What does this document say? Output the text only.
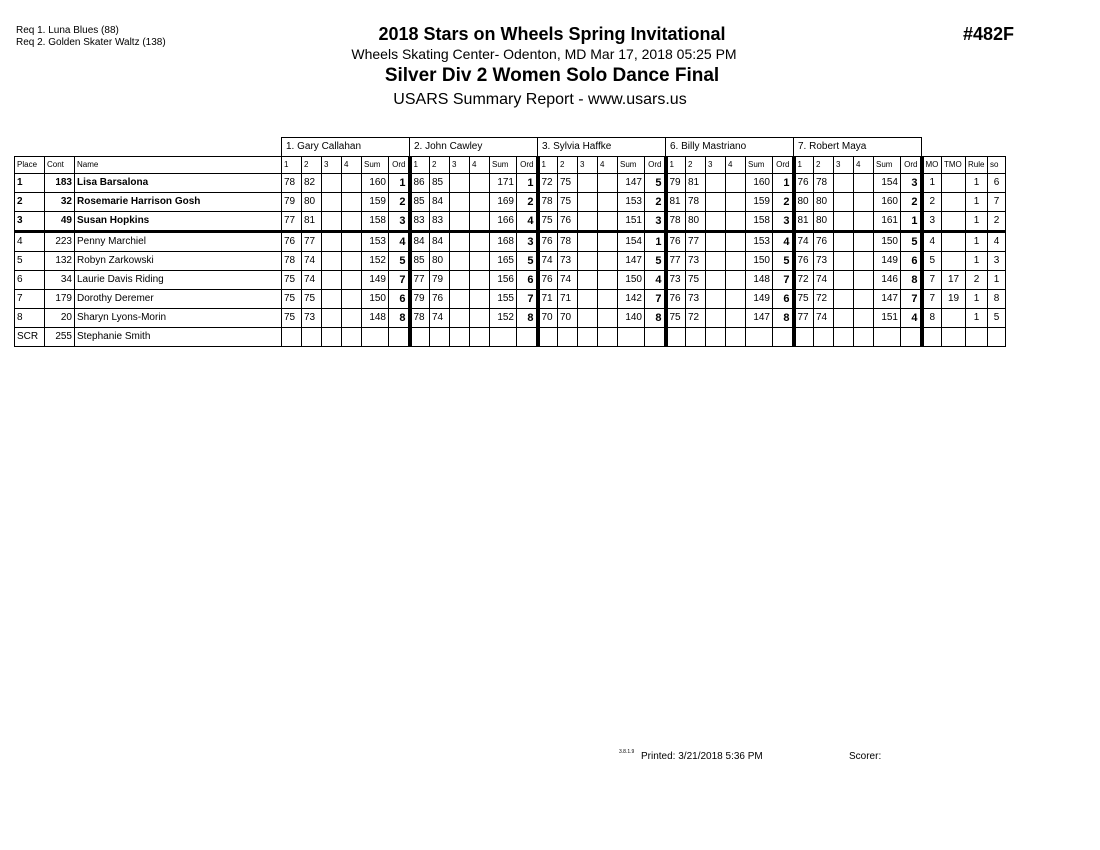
Req 1. Luna Blues (88)
Req 2. Golden Skater Waltz (138)	2018 Stars on Wheels Spring Invitational
Wheels Skating Center- Odenton, MD Mar 17, 2018 05:25 PM
Silver Div 2 Women Solo Dance Final
USARS Summary Report - www.usars.us
#482F
			1. Gary Callahan						2. John Cawley						3. Sylvia Haffke						6. Billy Mastriano						7. Robert Maya									
Place	Cont	Name	1	2	3	4	Sum	Ord	1	2	3	4	Sum	Ord	1	2	3	4	Sum	Ord	1	2	3	4	Sum	Ord	1	2	3	4	Sum	Ord	MO	TMO	Rule	so
1	183	Lisa Barsalona	78	82			160	1	86	85			171	1	72	75			147	5	79	81			160	1	76	78			154	3	1		1	6
2	32	Rosemarie Harrison Gosh	79	80			159	2	85	84			169	2	78	75			153	2	81	78			159	2	80	80			160	2	2		1	7
3	49	Susan Hopkins	77	81			158	3	83	83			166	4	75	76			151	3	78	80			158	3	81	80			161	1	3		1	2
4	223	Penny Marchiel	76	77			153	4	84	84			168	3	76	78			154	1	76	77			153	4	74	76			150	5	4		1	4
5	132	Robyn Zarkowski	78	74			152	5	85	80			165	5	74	73			147	5	77	73			150	5	76	73			149	6	5		1	3
6	34	Laurie Davis Riding	75	74			149	7	77	79			156	6	76	74			150	4	73	75			148	7	72	74			146	8	7	17	2	1
7	179	Dorothy Deremer	75	75			150	6	79	76			155	7	71	71			142	7	76	73			149	6	75	72			147	7	7	19	1	8
8	20	Sharyn Lyons-Morin	75	73			148	8	78	74			152	8	70	70			140	8	75	72			147	8	77	74			151	4	8		1	5
SCR	255	Stephanie Smith																																		
3.8.1.9 Printed: 3/21/2018 5:36 PM	Scorer:
